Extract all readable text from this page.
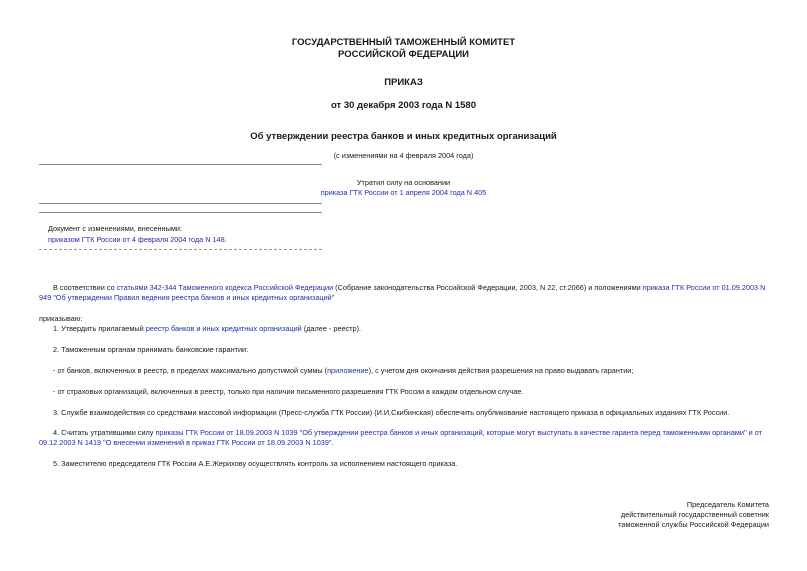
ГОСУДАРСТВЕННЫЙ ТАМОЖЕННЫЙ КОМИТЕТ
РОССИЙСКОЙ ФЕДЕРАЦИИ
ПРИКАЗ
от 30 декабря 2003 года N 1580
Об утверждении реестра банков и иных кредитных организаций
(с изменениями на 4 февраля 2004 года)
Утратил силу на основании
приказа ГТК России от 1 апреля 2004 года N 405
Документ с изменениями, внесенными:
приказом ГТК России от 4 февраля 2004 года N 148.
В соответствии со статьями 342-344 Таможенного кодекса Российской Федерации (Собрание законодательства Российской Федерации, 2003, N 22, ст.2066) и положениями приказа ГТК России от 01.09.2003 N 949 "Об утверждении Правил ведения реестра банков и иных кредитных организаций"
приказываю:
1. Утвердить прилагаемый реестр банков и иных кредитных организаций (далее - реестр).
2. Таможенным органам принимать банковские гарантии:
- от банков, включенных в реестр, в пределах максимально допустимой суммы (приложение), с учетом дня окончания действия разрешения на право выдавать гарантии;
- от страховых организаций, включенных в реестр, только при наличии письменного разрешения ГТК России в каждом отдельном случае.
3. Службе взаимодействия со средствами массовой информации (Пресс-служба ГТК России) (И.И.Скибинская) обеспечить опубликование настоящего приказа в официальных изданиях ГТК России.
4. Считать утратившими силу приказы ГТК России от 18.09.2003 N 1039 "Об утверждении реестра банков и иных организаций, которые могут выступать в качестве гаранта перед таможенными органами" и от 09.12.2003 N 1419 "О внесении изменений в приказ ГТК России от 18.09.2003 N 1039".
5. Заместителю председателя ГТК России А.Е.Жерихову осуществлять контроль за исполнением настоящего приказа.
Председатель Комитета
действительный государственный советник
таможенной службы Российской Федерации
